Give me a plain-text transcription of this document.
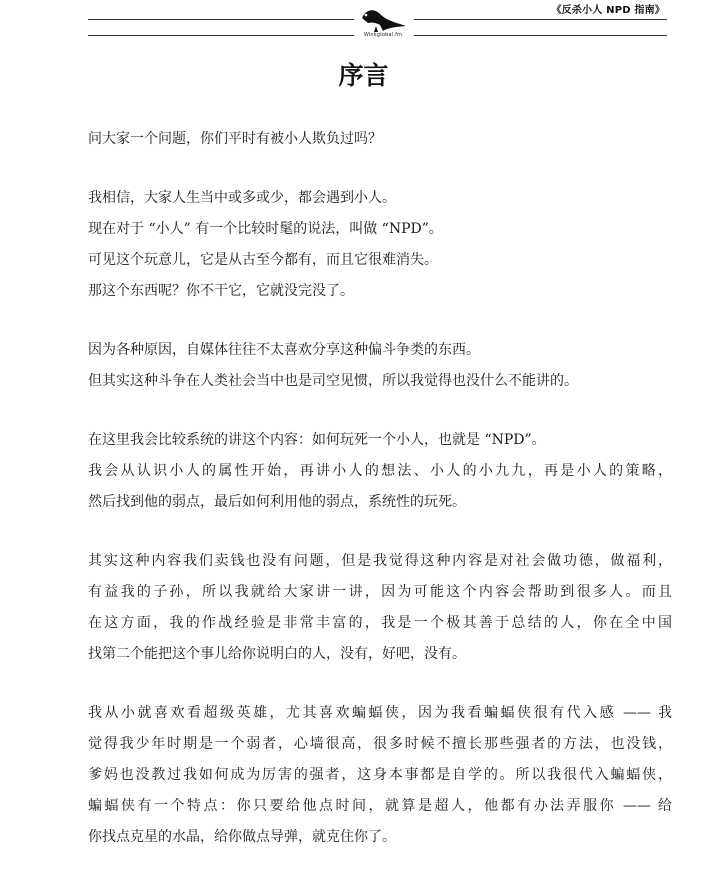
《反杀小人 NPD 指南》
Winkglobal.fm
序言
问大家一个问题，你们平时有被小人欺负过吗？
我相信，大家人生当中或多或少，都会遇到小人。
现在对于 “小人” 有一个比较时髦的说法，叫做 “NPD”。
可见这个玩意儿，它是从古至今都有，而且它很难消失。
那这个东西呢？你不干它，它就没完没了。
因为各种原因，自媒体往往不太喜欢分享这种偏斗争类的东西。
但其实这种斗争在人类社会当中也是司空见惯，所以我觉得也没什么不能讲的。
在这里我会比较系统的讲这个内容：如何玩死一个小人，也就是 “NPD”。
我会从认识小人的属性开始，再讲小人的想法、小人的小九九，再是小人的策略，
然后找到他的弱点，最后如何利用他的弱点，系统性的玩死。
其实这种内容我们卖钱也没有问题，但是我觉得这种内容是对社会做功德，做福利，
有益我的子孙，所以我就给大家讲一讲，因为可能这个内容会帮助到很多人。而且
在这方面，我的作战经验是非常丰富的，我是一个极其善于总结的人，你在全中国
找第二个能把这个事儿给你说明白的人，没有，好吧，没有。
我从小就喜欢看超级英雄，尤其喜欢蝙蝠侠，因为我看蝙蝠侠很有代入感 —— 我
觉得我少年时期是一个弱者，心墙很高，很多时候不擅长那些强者的方法，也没钱，
爹妈也没教过我如何成为厉害的强者，这身本事都是自学的。所以我很代入蝙蝠侠，
蝙蝠侠有一个特点：你只要给他点时间，就算是超人，他都有办法弄服你 —— 给
你找点克星的水晶，给你做点导弹，就克住你了。
